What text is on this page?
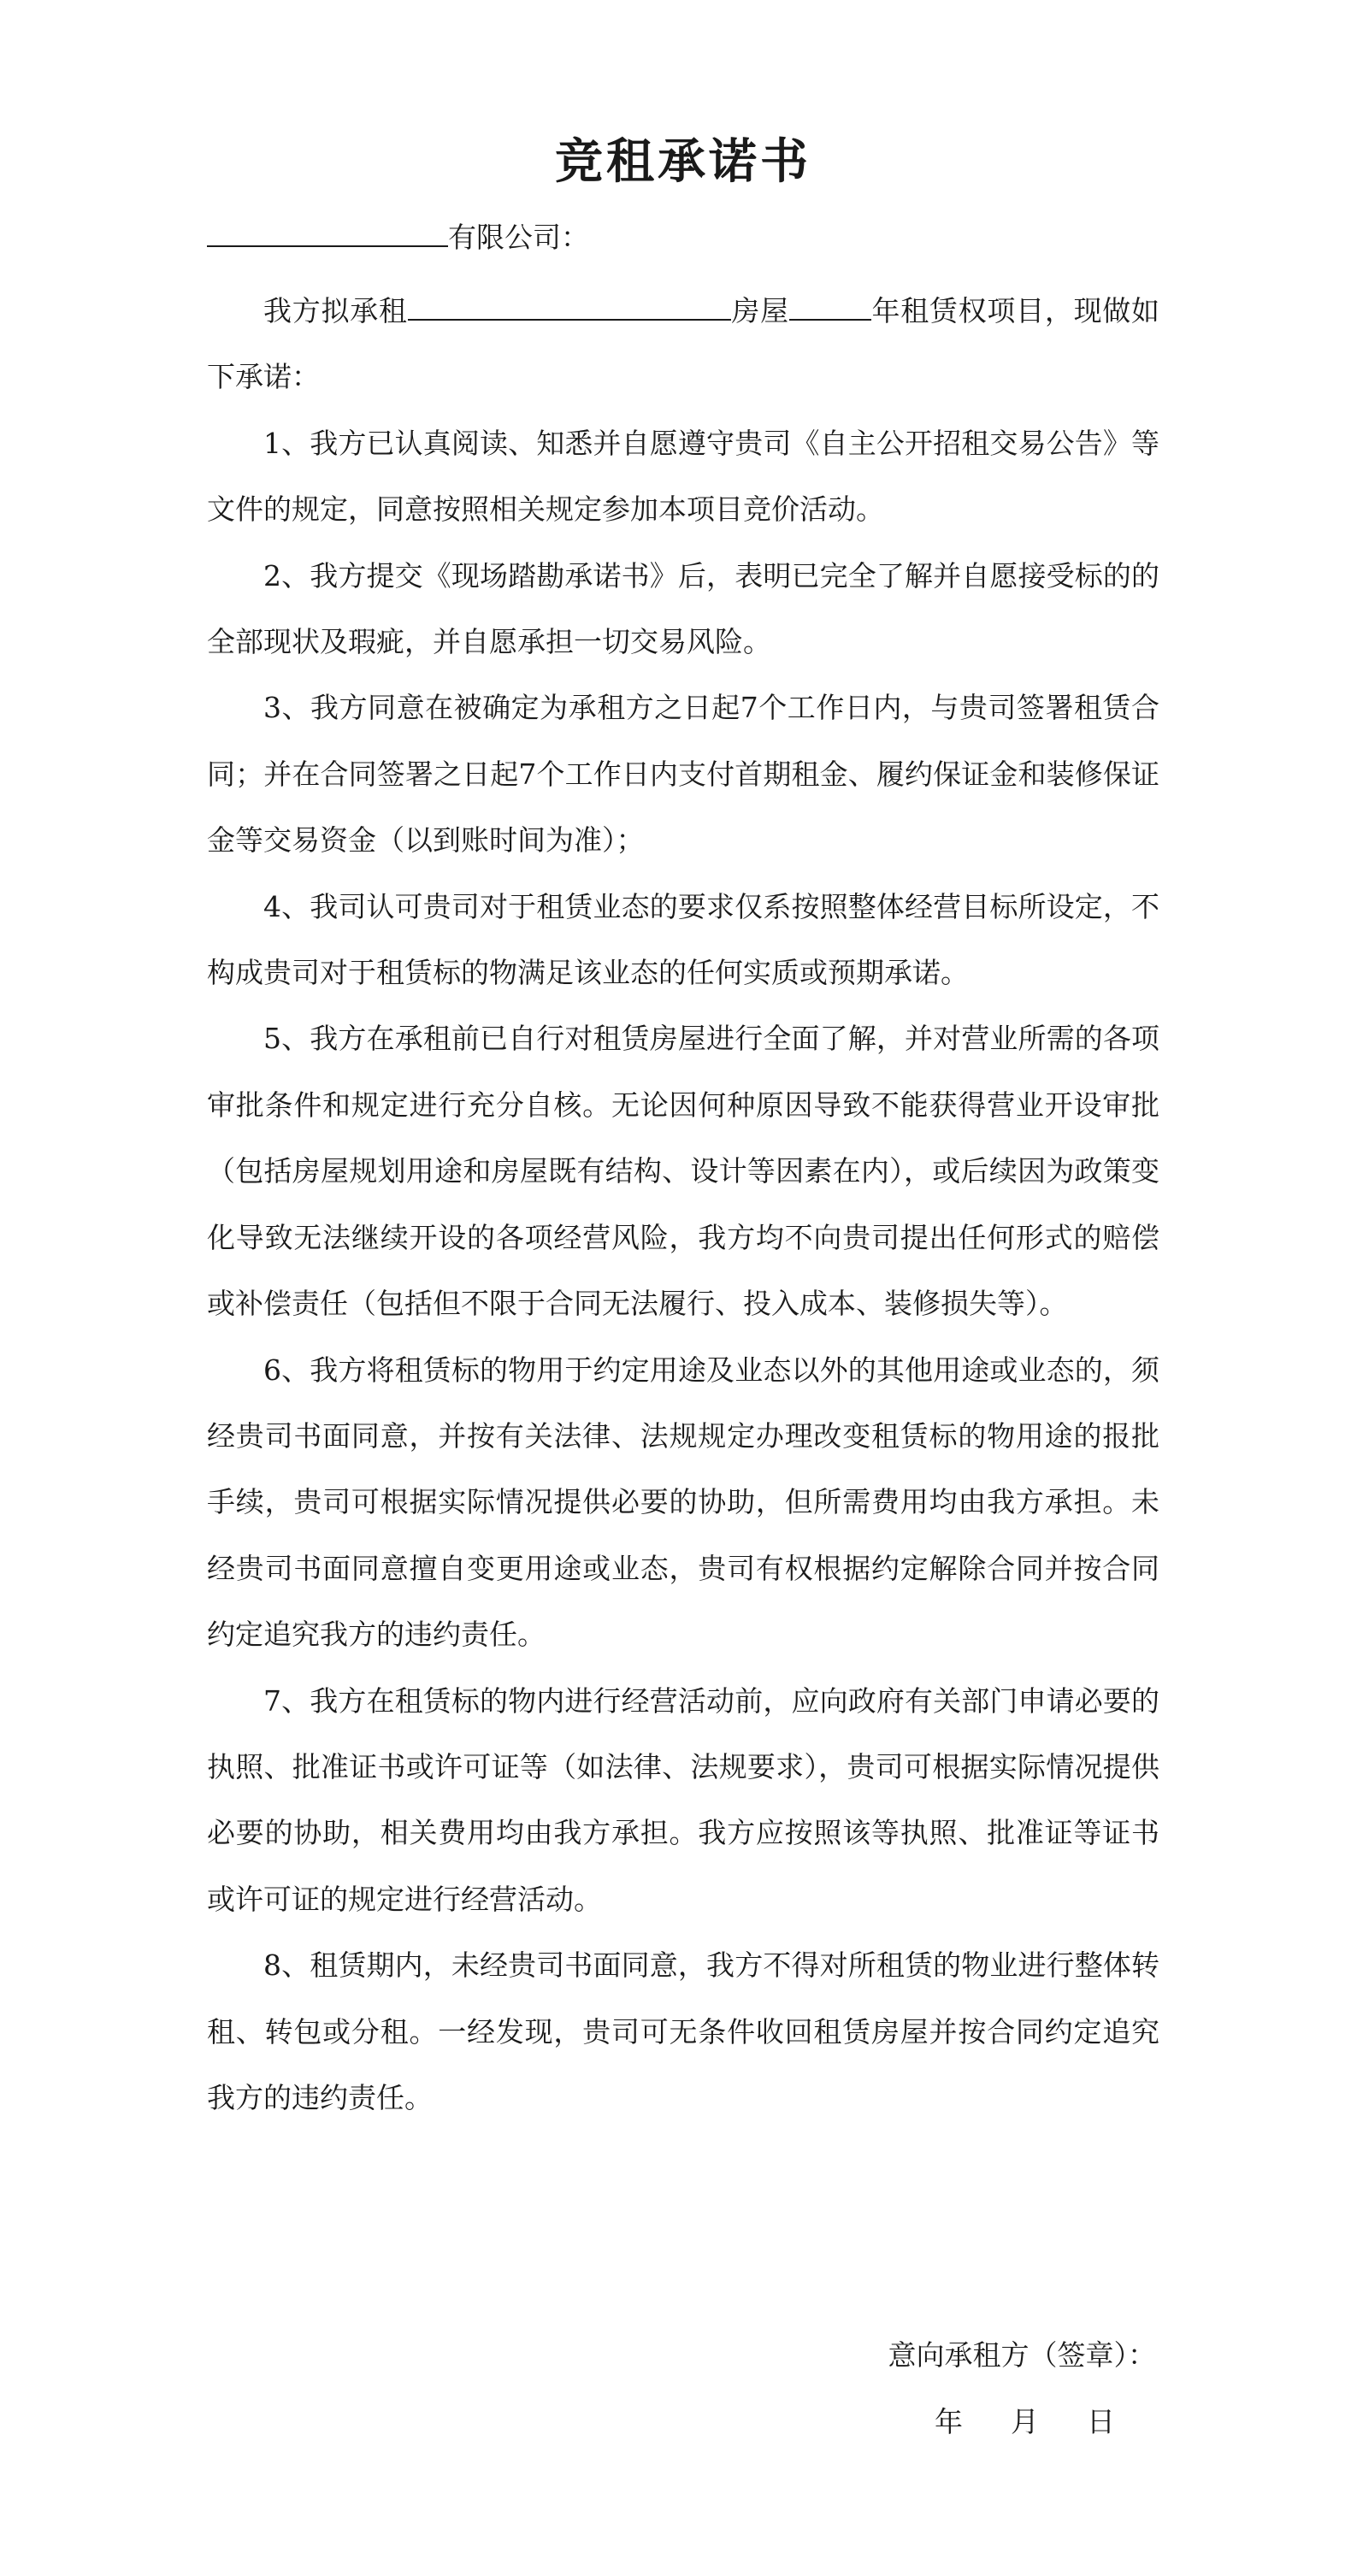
竞租承诺书
有限公司：

我方拟承租	房屋	年租赁权项目，现做如下承诺：

1、我方已认真阅读、知悉并自愿遵守贵司《自主公开招租交易公告》等文件的规定，同意按照相关规定参加本项目竞价活动。

2、我方提交《现场踏勘承诺书》后，表明已完全了解并自愿接受标的的全部现状及瑕疵，并自愿承担一切交易风险。

3、我方同意在被确定为承租方之日起7个工作日内，与贵司签署租赁合同；并在合同签署之日起7个工作日内支付首期租金、履约保证金和装修保证金等交易资金（以到账时间为准）；

4、我司认可贵司对于租赁业态的要求仅系按照整体经营目标所设定，不构成贵司对于租赁标的物满足该业态的任何实质或预期承诺。

5、我方在承租前已自行对租赁房屋进行全面了解，并对营业所需的各项审批条件和规定进行充分自核。无论因何种原因导致不能获得营业开设审批（包括房屋规划用途和房屋既有结构、设计等因素在内），或后续因为政策变化导致无法继续开设的各项经营风险，我方均不向贵司提出任何形式的赔偿或补偿责任（包括但不限于合同无法履行、投入成本、装修损失等）。

6、我方将租赁标的物用于约定用途及业态以外的其他用途或业态的，须经贵司书面同意，并按有关法律、法规规定办理改变租赁标的物用途的报批手续，贵司可根据实际情况提供必要的协助，但所需费用均由我方承担。未经贵司书面同意擅自变更用途或业态，贵司有权根据约定解除合同并按合同约定追究我方的违约责任。

7、我方在租赁标的物内进行经营活动前，应向政府有关部门申请必要的执照、批准证书或许可证等（如法律、法规要求），贵司可根据实际情况提供必要的协助，相关费用均由我方承担。我方应按照该等执照、批准证等证书或许可证的规定进行经营活动。

8、租赁期内，未经贵司书面同意，我方不得对所租赁的物业进行整体转租、转包或分租。一经发现，贵司可无条件收回租赁房屋并按合同约定追究我方的违约责任。

意向承租方（签章）：
年 月 日
